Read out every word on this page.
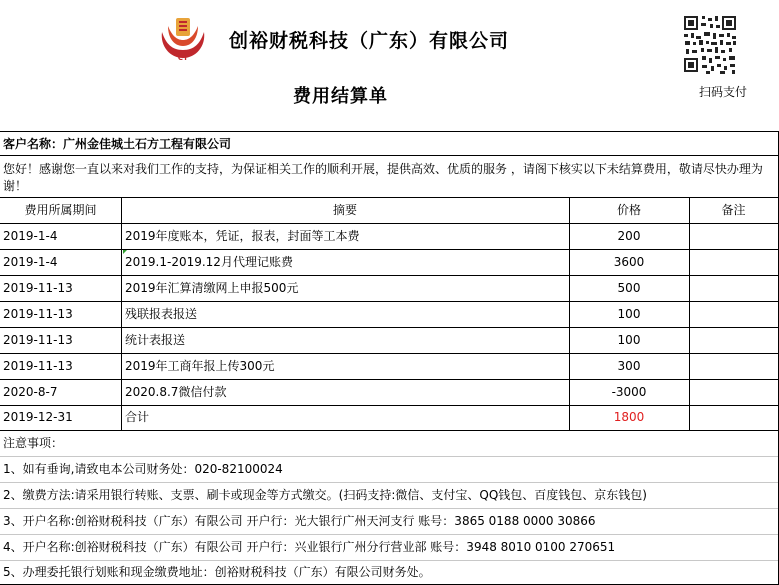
CY
创裕财税科技（广东）有限公司
费用结算单	扫码支付
客户名称：广州金佳城土石方工程有限公司
您好！感谢您一直以来对我们工作的支持，为保证相关工作的顺利开展，提供高效、优质的服务 ，请阁下核实以下未结算费用，敬请尽快办理为谢！
费用所属期间	摘要	价格	备注
2019-1-4	2019年度账本，凭证，报表，封面等工本费	200
2019-1-4	2019.1-2019.12月代理记账费	3600
2019-11-13	2019年汇算清缴网上申报500元	500
2019-11-13	残联报表报送	100
2019-11-13	统计表报送	100
2019-11-13	2019年工商年报上传300元	300
2020-8-7	2020.8.7微信付款	-3000
2019-12-31	合计	1800
注意事项：
1、如有垂询,请致电本公司财务处：020-82100024
2、缴费方法:请采用银行转账、支票、刷卡或现金等方式缴交。(扫码支持:微信、支付宝、QQ钱包、百度钱包、京东钱包)
3、开户名称:创裕财税科技（广东）有限公司 开户行：光大银行广州天河支行 账号：3865 0188 0000 30866
4、开户名称:创裕财税科技（广东）有限公司 开户行：兴业银行广州分行营业部 账号：3948 8010 0100 270651
5、办理委托银行划账和现金缴费地址：创裕财税科技（广东）有限公司财务处。
